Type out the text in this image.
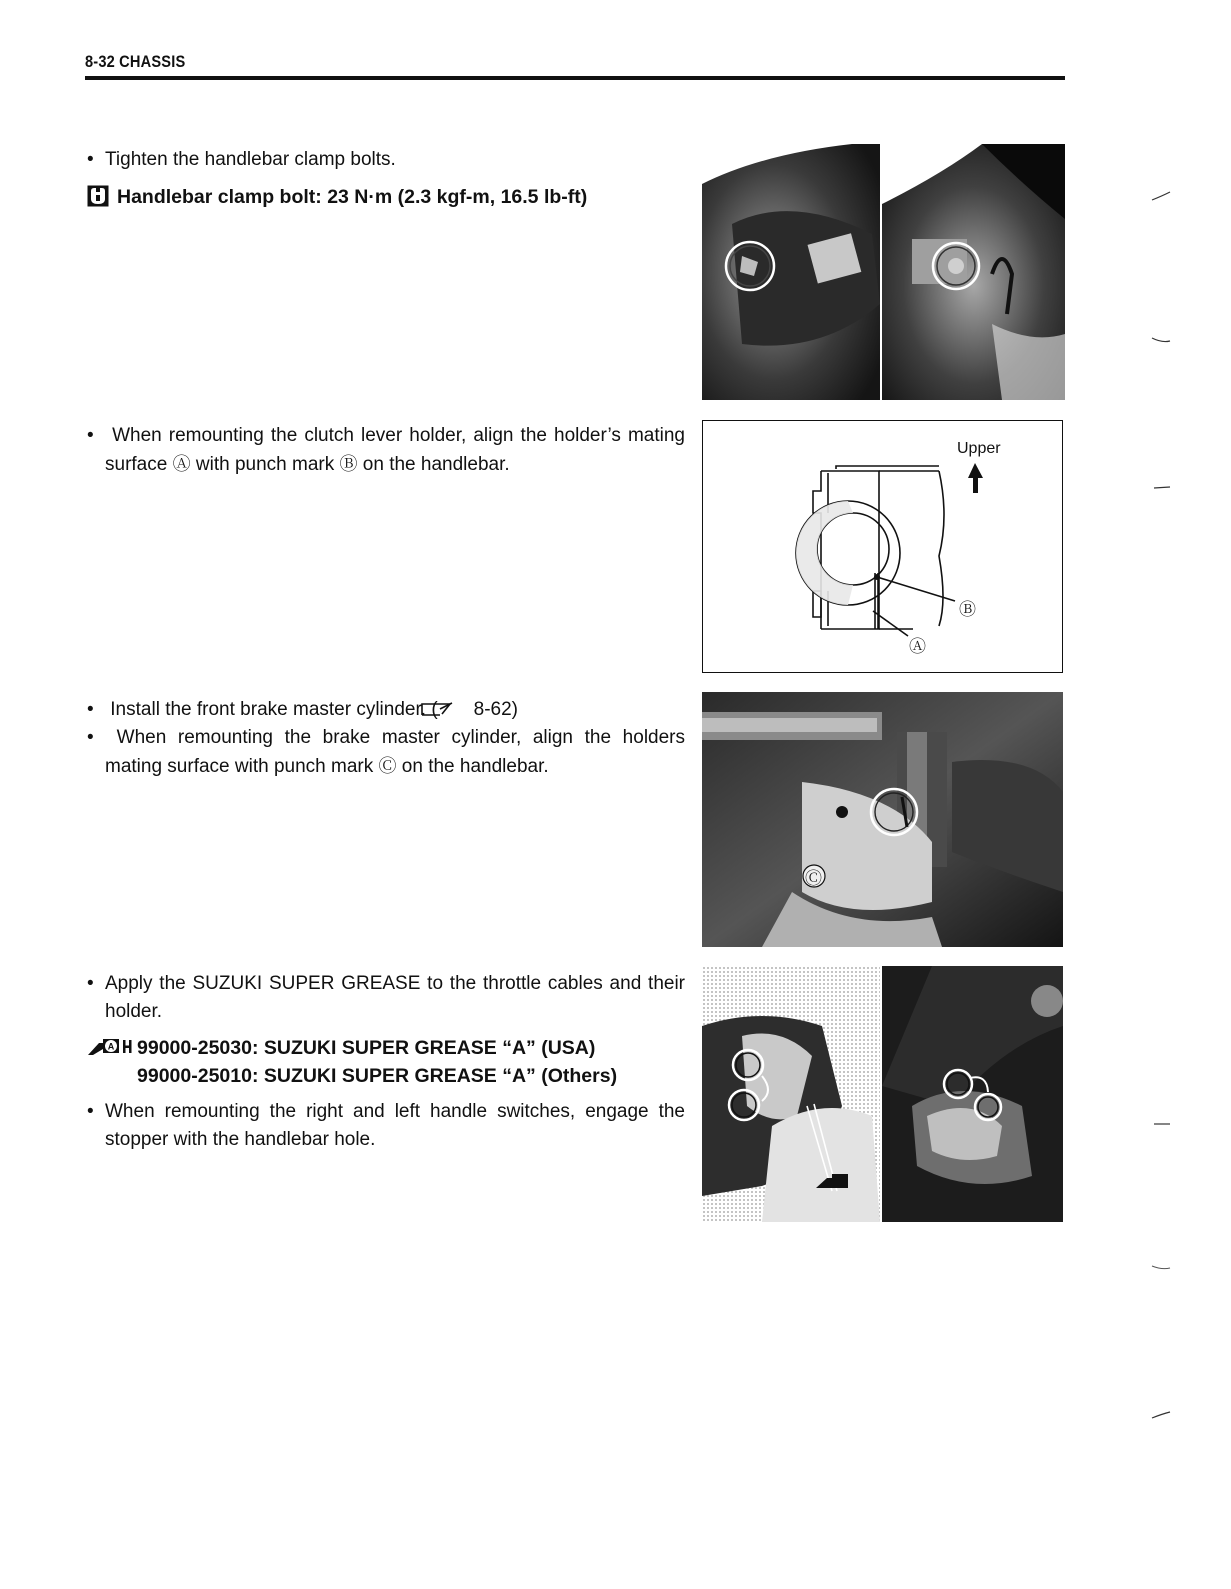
8-32 CHASSIS
• Tighten the handlebar clamp bolts.
Handlebar clamp bolt: 23 N·m (2.3 kgf-m, 16.5 lb-ft)
• When remounting the clutch lever holder, align the holder’s mating surface Ⓐ with punch mark Ⓑ on the handlebar.
Upper
Ⓑ
Ⓐ
• Install the front brake master cylinder. ( 8-62)
• When remounting the brake master cylinder, align the holders mating surface with punch mark Ⓒ on the handlebar.
Ⓒ
• Apply the SUZUKI SUPER GREASE to the throttle cables and their holder.
A 99000-25030: SUZUKI SUPER GREASE “A” (USA)
99000-25010: SUZUKI SUPER GREASE “A” (Others)
• When remounting the right and left handle switches, engage the stopper with the handlebar hole.
